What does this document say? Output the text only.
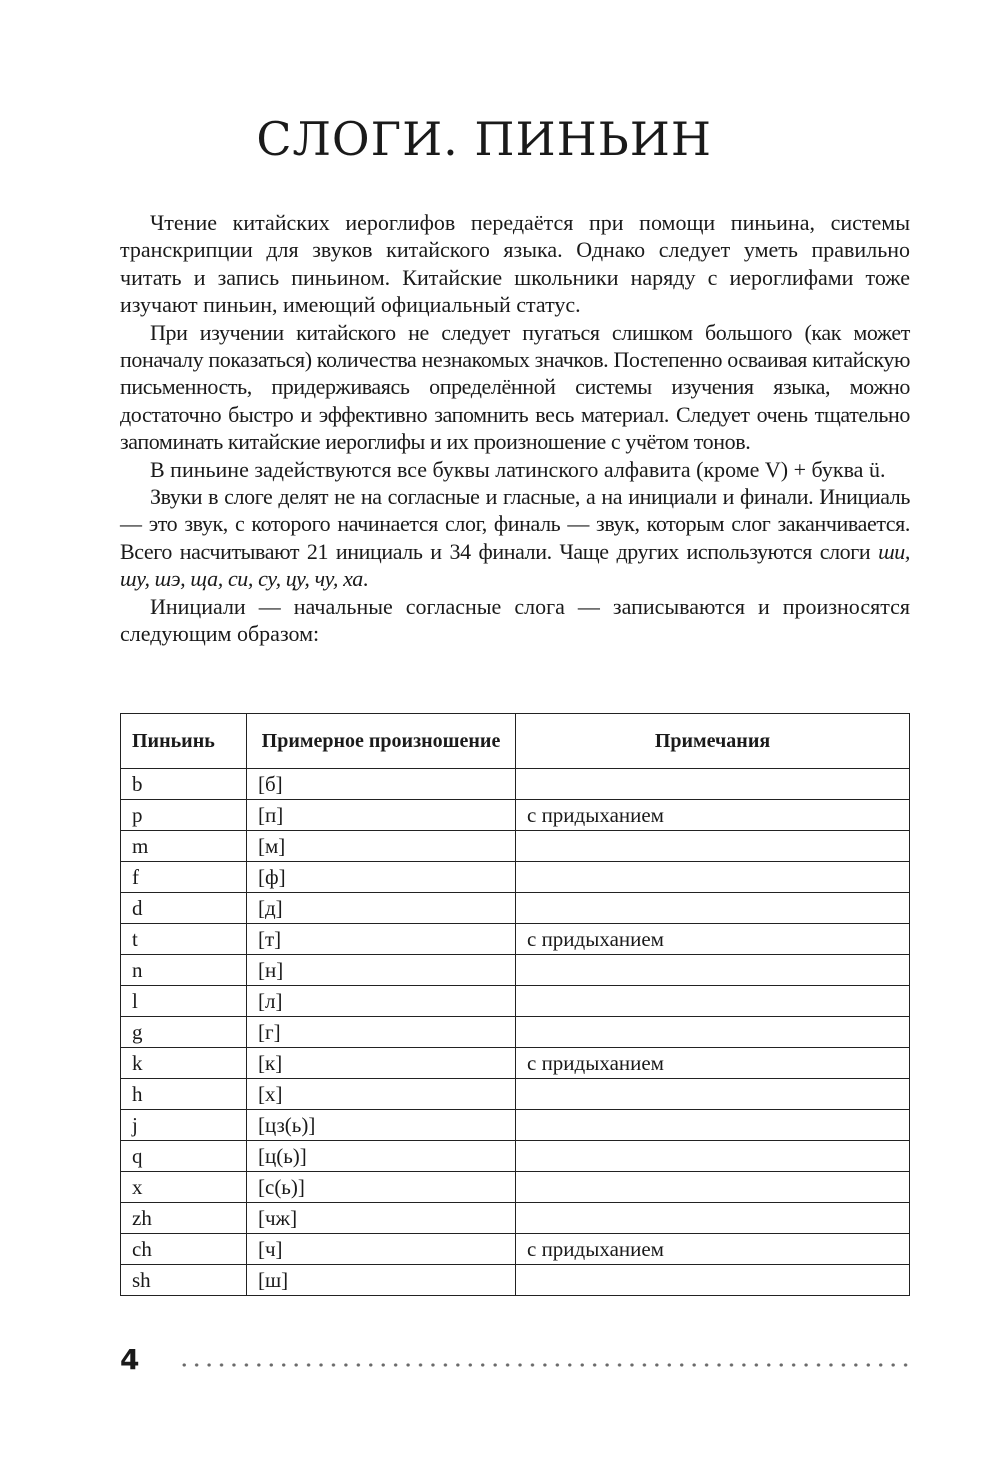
СЛОГИ. ПИНЬИН

Чтение китайских иероглифов передаётся при помощи пиньина, системы транскрипции для звуков китайского языка. Однако следует уметь правильно читать и запись пиньином. Китайские школьники наряду с иероглифами тоже изучают пиньин, имеющий официальный статус.

При изучении китайского не следует пугаться слишком большого (как может поначалу показаться) количества незнакомых значков. Постепенно осваивая китайскую письменность, придерживаясь определённой системы изучения языка, можно достаточно быстро и эффективно запомнить весь материал. Следует очень тщательно запоминать китайские иероглифы и их произношение с учётом тонов.

В пиньине задействуются все буквы латинского алфавита (кроме V) + буква ü.

Звуки в слоге делят не на согласные и гласные, а на инициали и финали. Инициаль — это звук, с которого начинается слог, финаль — звук, которым слог заканчивается. Всего насчитывают 21 инициаль и 34 финали. Чаще других используются слоги ши, шу, шэ, ща, си, су, цу, чу, ха.

Инициали — начальные согласные слога — записываются и произносятся следующим образом:

Пиньинь	Примерное произношение	Примечания
b	[б]	
p	[п]	с придыханием
m	[м]	
f	[ф]	
d	[д]	
t	[т]	с придыханием
n	[н]	
l	[л]	
g	[г]	
k	[к]	с придыханием
h	[х]	
j	[цз(ь)]	
q	[ц(ь)]	
x	[с(ь)]	
zh	[чж]	
ch	[ч]	с придыханием
sh	[ш]	
4
